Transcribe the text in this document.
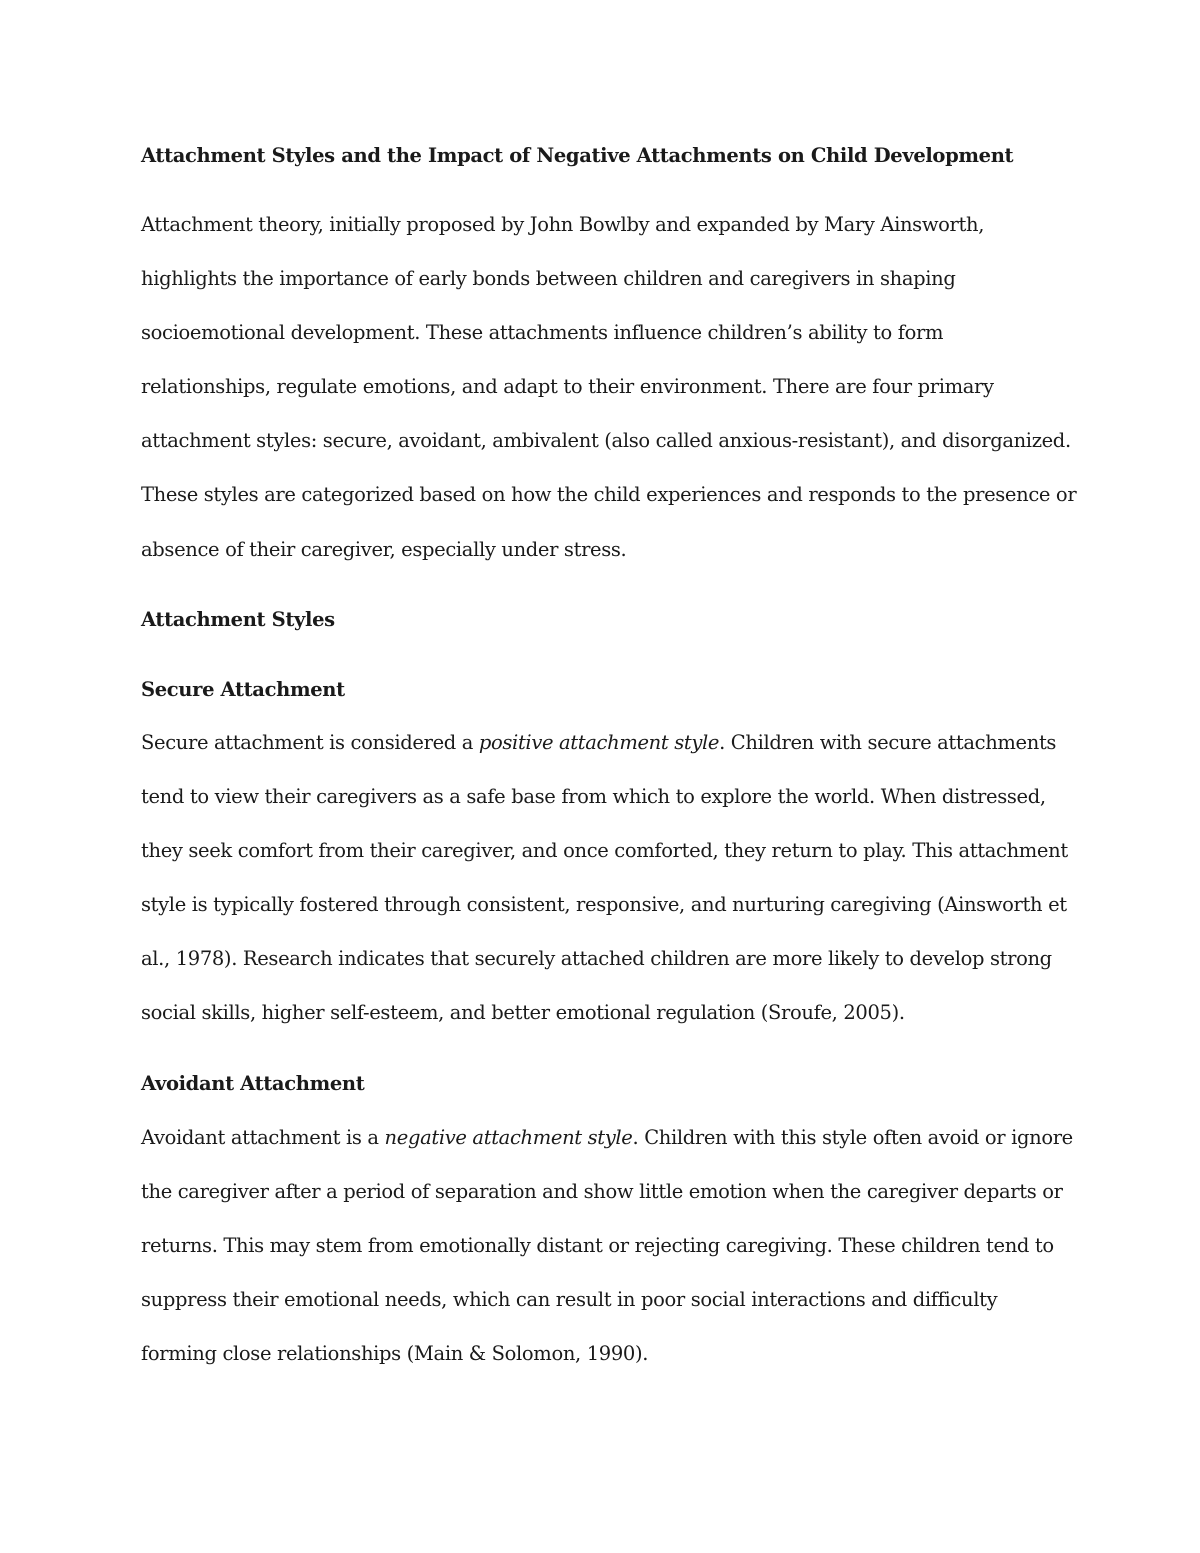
Attachment Styles and the Impact of Negative Attachments on Child Development

Attachment theory, initially proposed by John Bowlby and expanded by Mary Ainsworth,
highlights the importance of early bonds between children and caregivers in shaping
socioemotional development. These attachments influence children’s ability to form
relationships, regulate emotions, and adapt to their environment. There are four primary
attachment styles: secure, avoidant, ambivalent (also called anxious-resistant), and disorganized.
These styles are categorized based on how the child experiences and responds to the presence or
absence of their caregiver, especially under stress.

Attachment Styles

Secure Attachment

Secure attachment is considered a positive attachment style. Children with secure attachments
tend to view their caregivers as a safe base from which to explore the world. When distressed,
they seek comfort from their caregiver, and once comforted, they return to play. This attachment
style is typically fostered through consistent, responsive, and nurturing caregiving (Ainsworth et
al., 1978). Research indicates that securely attached children are more likely to develop strong
social skills, higher self-esteem, and better emotional regulation (Sroufe, 2005).

Avoidant Attachment

Avoidant attachment is a negative attachment style. Children with this style often avoid or ignore
the caregiver after a period of separation and show little emotion when the caregiver departs or
returns. This may stem from emotionally distant or rejecting caregiving. These children tend to
suppress their emotional needs, which can result in poor social interactions and difficulty
forming close relationships (Main & Solomon, 1990).
